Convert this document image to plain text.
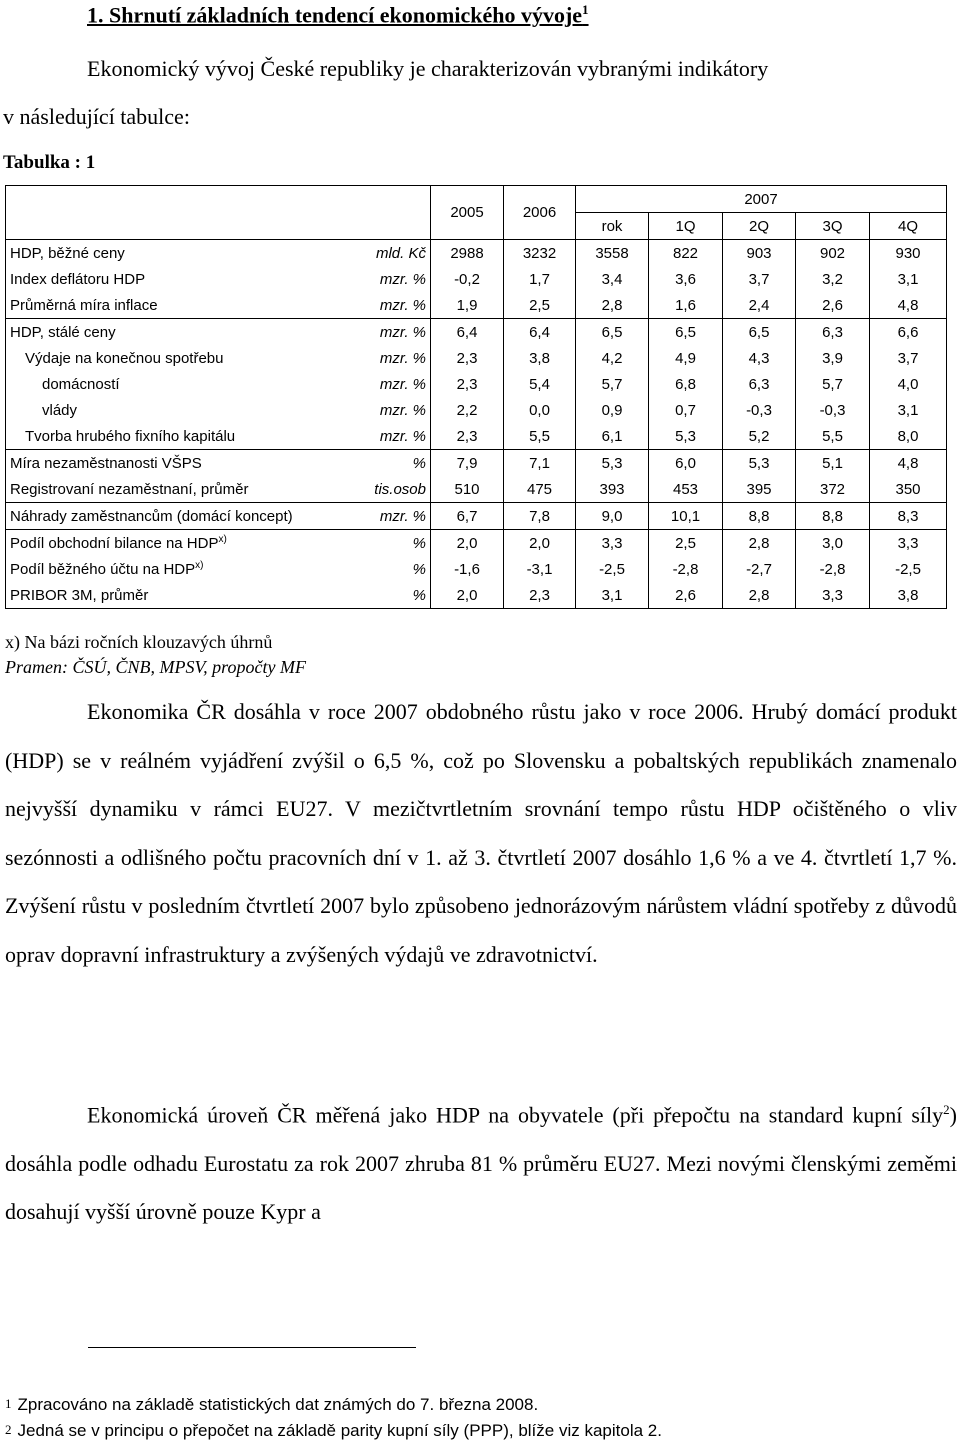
1. Shrnutí základních tendencí ekonomického vývoje$^1$
Ekonomický vývoj České republiky je charakterizován vybranými indikátory
v následující tabulce:
Tabulka : 1
		2005	2006	2007				
				rok	1Q	2Q	3Q	4Q
HDP, běžné ceny	mld. Kč	2988	3232	3558	822	903	902	930
Index deflátoru HDP	mzr. %	-0,2	1,7	3,4	3,6	3,7	3,2	3,1
Průměrná míra inflace	mzr. %	1,9	2,5	2,8	1,6	2,4	2,6	4,8
HDP, stálé ceny	mzr. %	6,4	6,4	6,5	6,5	6,5	6,3	6,6
Výdaje na konečnou spotřebu	mzr. %	2,3	3,8	4,2	4,9	4,3	3,9	3,7
domácností	mzr. %	2,3	5,4	5,7	6,8	6,3	5,7	4,0
vlády	mzr. %	2,2	0,0	0,9	0,7	-0,3	-0,3	3,1
Tvorba hrubého fixního kapitálu	mzr. %	2,3	5,5	6,1	5,3	5,2	5,5	8,0
Míra nezaměstnanosti VŠPS	%	7,9	7,1	5,3	6,0	5,3	5,1	4,8
Registrovaní nezaměstnaní, průměr	tis.osob	510	475	393	453	395	372	350
Náhrady zaměstnancům (domácí koncept)	mzr. %	6,7	7,8	9,0	10,1	8,8	8,8	8,3
Podíl obchodní bilance na HDP$^{x)}$	%	2,0	2,0	3,3	2,5	2,8	3,0	3,3
Podíl běžného účtu na HDP$^{x)}$	%	-1,6	-3,1	-2,5	-2,8	-2,7	-2,8	-2,5
PRIBOR 3M, průměr	%	2,0	2,3	3,1	2,6	2,8	3,3	3,8
x) Na bázi ročních klouzavých úhrnů
Pramen: ČSÚ, ČNB, MPSV, propočty MF
Ekonomika ČR dosáhla v roce 2007 obdobného růstu jako v roce 2006. Hrubý domácí produkt (HDP) se v reálném vyjádření zvýšil o 6,5 %, což po Slovensku a pobaltských republikách znamenalo nejvyšší dynamiku v rámci EU27. V mezičtvrtletním srovnání tempo růstu HDP očištěného o vliv sezónnosti a odlišného počtu pracovních dní v 1. až 3. čtvrtletí 2007 dosáhlo 1,6 % a ve 4. čtvrtletí 1,7 %. Zvýšení růstu v posledním čtvrtletí 2007 bylo způsobeno jednorázovým nárůstem vládní spotřeby z důvodů oprav dopravní infrastruktury a zvýšených výdajů ve zdravotnictví.
Ekonomická úroveň ČR měřená jako HDP na obyvatele (při přepočtu na standard kupní síly$^2$) dosáhla podle odhadu Eurostatu za rok 2007 zhruba 81 % průměru EU27. Mezi novými členskými zeměmi dosahují vyšší úrovně pouze Kypr a
1 Zpracováno na základě statistických dat známých do 7. března 2008.
2 Jedná se v principu o přepočet na základě parity kupní síly (PPP), blíže viz kapitola 2.
